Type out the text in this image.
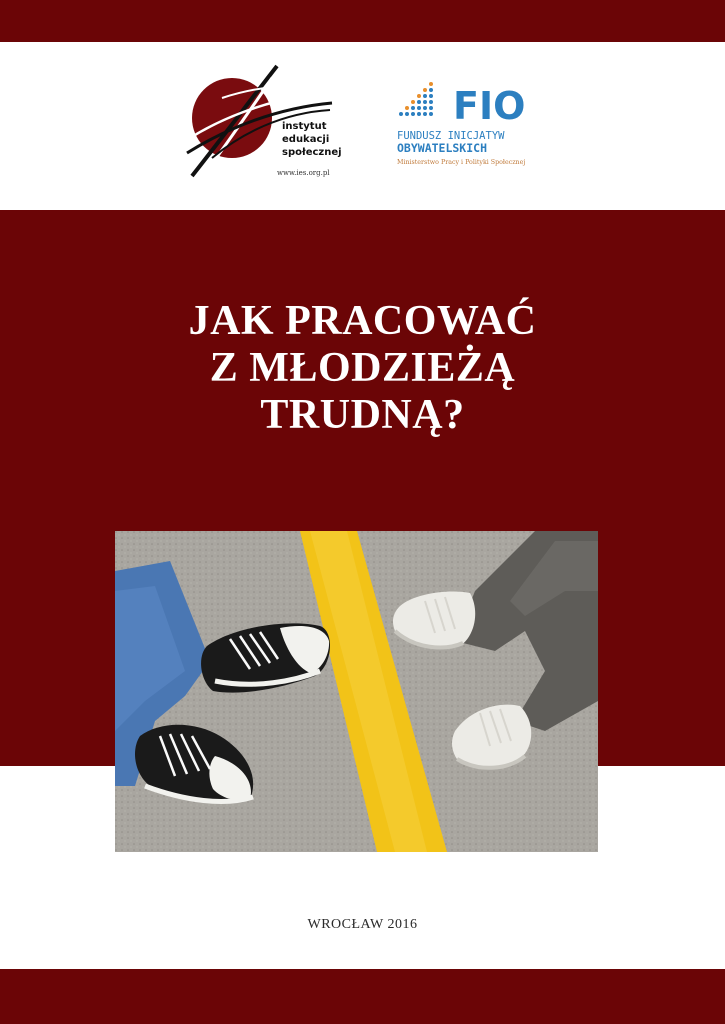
instytut
edukacji
społecznej
www.ies.org.pl
FIO
FUNDUSZ INICJATYW
OBYWATELSKICH
Ministerstwo Pracy i Polityki Społecznej
JAK PRACOWAĆ
Z MŁODZIEŻĄ
TRUDNĄ?
WROCŁAW 2016
